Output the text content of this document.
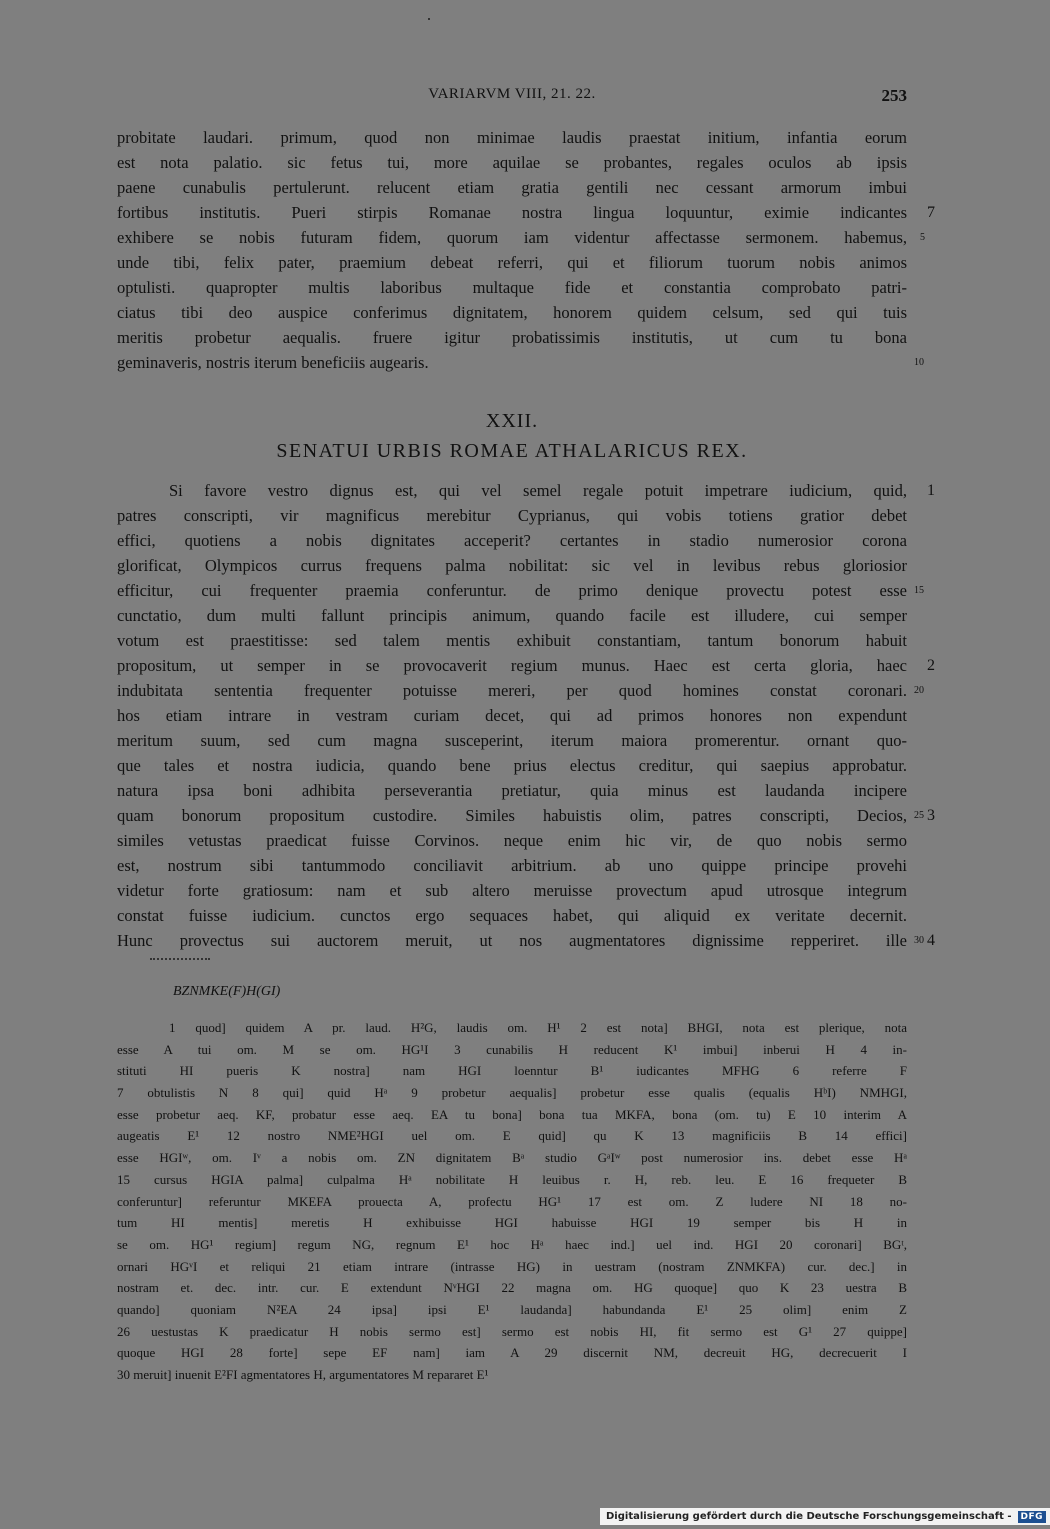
VARIARVM VIII, 21. 22.	253
probitate laudari. primum, quod non minimae laudis praestat initium, infantia eorum
est nota palatio. sic fetus tui, more aquilae se probantes, regales oculos ab ipsis
paene cunabulis pertulerunt. relucent etiam gratia gentili nec cessant armorum imbui
fortibus institutis. Pueri stirpis Romanae nostra lingua loquuntur, eximie indicantes 7
exhibere se nobis futuram fidem, quorum iam videntur affectasse sermonem. habemus, 5
unde tibi, felix pater, praemium debeat referri, qui et filiorum tuorum nobis animos
optulisti. quapropter multis laboribus multaque fide et constantia comprobato patri-
ciatus tibi deo auspice conferimus dignitatem, honorem quidem celsum, sed qui tuis
meritis probetur aequalis. fruere igitur probatissimis institutis, ut cum tu bona
geminaveris, nostris iterum beneficiis augearis.	10
XXII.
SENATUI URBIS ROMAE ATHALARICUS REX.
Si favore vestro dignus est, qui vel semel regale potuit impetrare iudicium, quid, 1
patres conscripti, vir magnificus merebitur Cyprianus, qui vobis totiens gratior debet
effici, quotiens a nobis dignitates acceperit? certantes in stadio numerosior corona
glorificat, Olympicos currus frequens palma nobilitat: sic vel in levibus rebus gloriosior
efficitur, cui frequenter praemia conferuntur. de primo denique provectu potest esse 15
cunctatio, dum multi fallunt principis animum, quando facile est illudere, cui semper
votum est praestitisse: sed talem mentis exhibuit constantiam, tantum bonorum habuit
propositum, ut semper in se provocaverit regium munus. Haec est certa gloria, haec 2
indubitata sententia frequenter potuisse mereri, per quod homines constat coronari. 20
hos etiam intrare in vestram curiam decet, qui ad primos honores non expendunt
meritum suum, sed cum magna susceperint, iterum maiora promerentur. ornant quo-
que tales et nostra iudicia, quando bene prius electus creditur, qui saepius approbatur.
natura ipsa boni adhibita perseverantia pretiatur, quia minus est laudanda incipere
quam bonorum propositum custodire. Similes habuistis olim, patres conscripti, Decios, 25 3
similes vetustas praedicat fuisse Corvinos. neque enim hic vir, de quo nobis sermo
est, nostrum sibi tantummodo conciliavit arbitrium. ab uno quippe principe provehi
videtur forte gratiosum: nam et sub altero meruisse provectum apud utrosque integrum
constat fuisse iudicium. cunctos ergo sequaces habet, qui aliquid ex veritate decernit.
Hunc provectus sui auctorem meruit, ut nos augmentatores dignissime repperiret. ille 30 4
BZNMKE(F)H(GI)
1 quod] quidem A pr. laud. H²G, laudis om. H¹ 2 est nota] BHGI, nota est plerique, nota
esse A tui om. M se om. HG¹I 3 cunabilis H reducent K¹ imbui] inberui H 4 in-
stituti HI pueris K nostra] nam HGI loenntur B¹ iudicantes MFHG 6 referre F
7 obtulistis N 8 qui] quid Hᵃ 9 probetur aequalis] probetur esse qualis (equalis HᵇI) NMHGI,
esse probetur aeq. KF, probatur esse aeq. EA tu bona] bona tua MKFA, bona (om. tu) E 10 interim A
augeatis E¹ 12 nostro NME²HGI uel om. E quid] qu K 13 magnificiis B 14 effici]
esse HGIʷ, om. Iᵛ a nobis om. ZN dignitatem Bᵃ studio GᵃIʷ post numerosior ins. debet esse Hᵃ
15 cursus HGIA palma] culpalma Hᵃ nobilitate H leuibus r. H, reb. leu. E 16 frequeter B
conferuntur] referuntur MKEFA prouecta A, profectu HG¹ 17 est om. Z ludere NI 18 no-
tum HI mentis] meretis H exhibuisse HGI habuisse HGI 19 semper bis H in
se om. HG¹ regium] regum NG, regnum E¹ hoc Hᵃ haec ind.] uel ind. HGI 20 coronari] BGᵗ,
ornari HGᵛI et reliqui 21 etiam intrare (intrasse HG) in uestram (nostram ZNMKFA) cur. dec.] in
nostram et. dec. intr. cur. E extendunt NᵛHGI 22 magna om. HG quoque] quo K 23 uestra B
quando] quoniam N²EA 24 ipsa] ipsi E¹ laudanda] habundanda E¹ 25 olim] enim Z
26 uestustas K praedicatur H nobis sermo est] sermo est nobis HI, fit sermo est G¹ 27 quippe]
quoque HGI 28 forte] sepe EF nam] iam A 29 discernit NM, decreuit HG, decrecuerit I
30 meruit] inuenit E²FI agmentatores H, argumentatores M repararet E¹
Digitalisierung gefördert durch die Deutsche Forschungsgemeinschaft -	DFG
